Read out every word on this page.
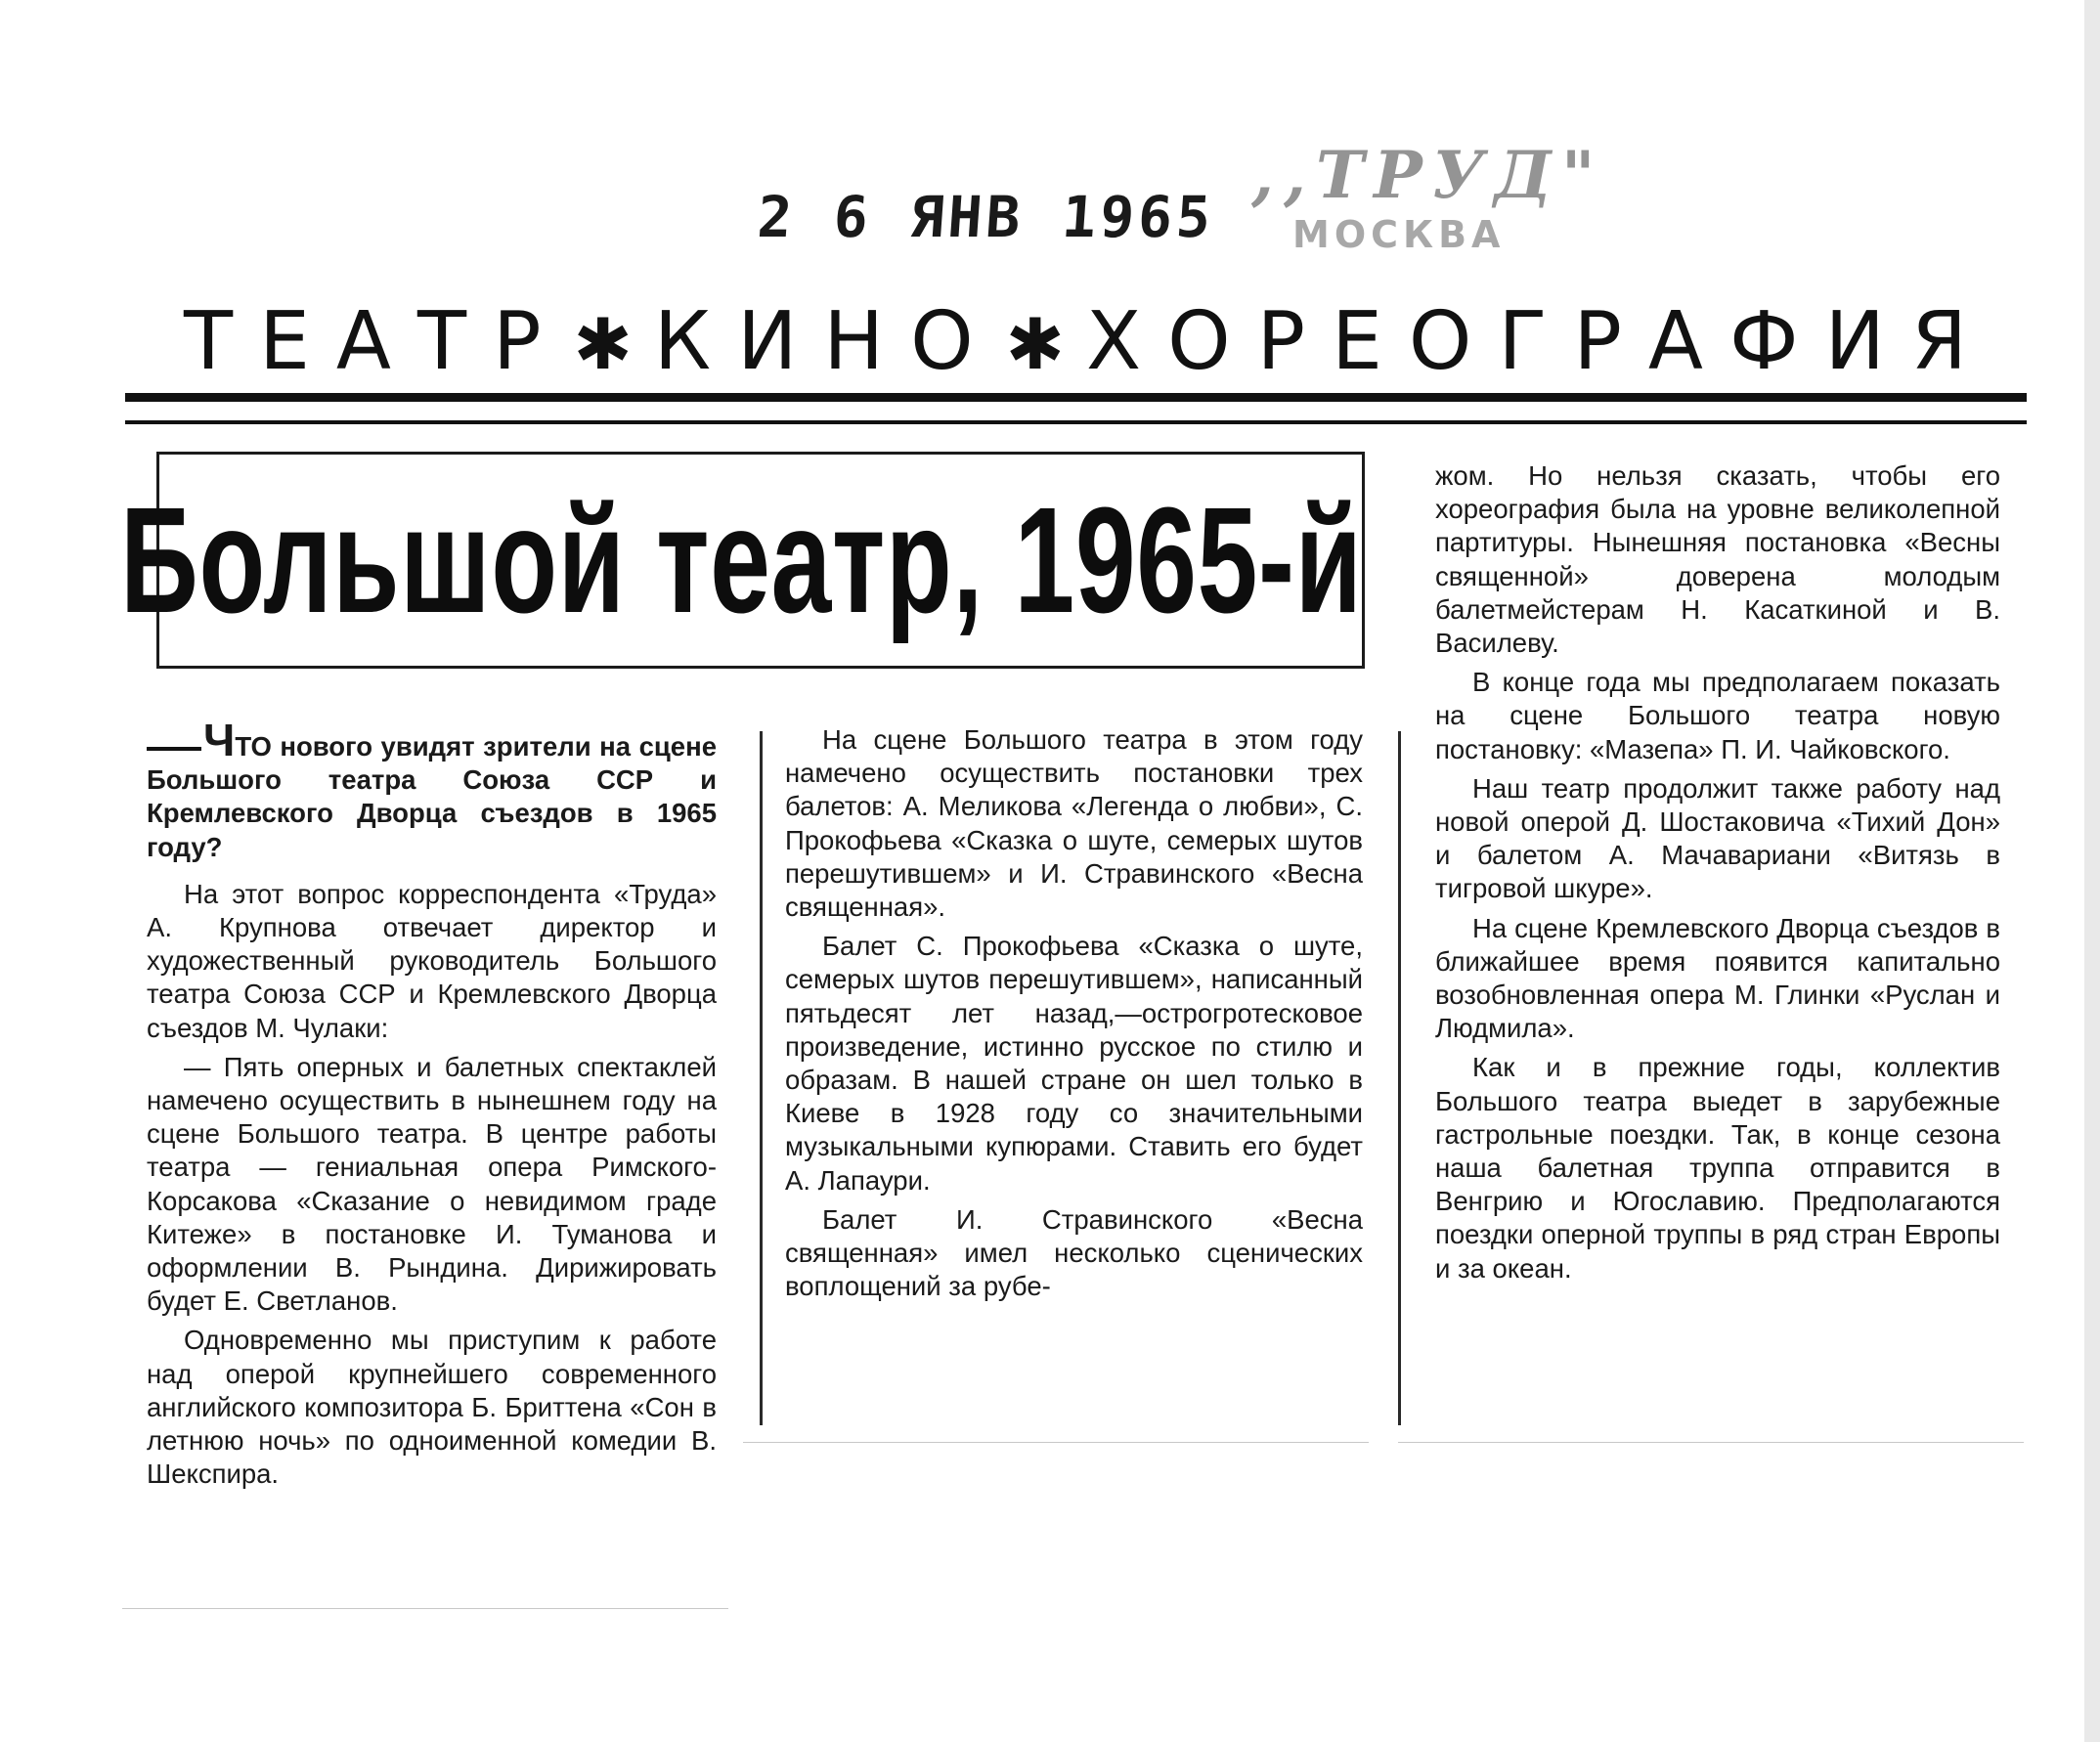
2 6 ЯНВ 1965
,,ТРУД"
МОСКВА
ТЕАТР✱ КИНО✱ ХОРЕОГРАФИЯ
Большой театр, 1965-й

ЧТО нового увидят зрители на сцене Большого театра Союза ССР и Кремлевского Дворца съездов в 1965 году?

На этот вопрос корреспондента «Труда» А. Крупнова отвечает директор и художественный руководитель Большого театра Союза ССР и Кремлевского Дворца съездов М. Чулаки:

— Пять оперных и балетных спектаклей намечено осуществить в нынешнем году на сцене Большого театра. В центре работы театра — гениальная опера Римского-Корсакова «Сказание о невидимом граде Китеже» в постановке И. Туманова и оформлении В. Рындина. Дирижировать будет Е. Светланов.

Одновременно мы приступим к работе над оперой крупнейшего современного английского композитора Б. Бриттена «Сон в летнюю ночь» по одноименной комедии В. Шекспира.

На сцене Большого театра в этом году намечено осуществить постановки трех балетов: А. Меликова «Легенда о любви», С. Прокофьева «Сказка о шуте, семерых шутов перешутившем» и И. Стравинского «Весна священная».

Балет С. Прокофьева «Сказка о шуте, семерых шутов перешутившем», написанный пятьдесят лет назад,—острогротесковое произведение, истинно русское по стилю и образам. В нашей стране он шел только в Киеве в 1928 году со значительными музыкальными купюрами. Ставить его будет А. Лапаури.

Балет И. Стравинского «Весна священная» имел несколько сценических воплощений за рубе-

жом. Но нельзя сказать, чтобы его хореография была на уровне великолепной партитуры. Нынешняя постановка «Весны священной» доверена молодым балетмейстерам Н. Касаткиной и В. Василеву.

В конце года мы предполагаем показать на сцене Большого театра новую постановку: «Мазепа» П. И. Чайковского.

Наш театр продолжит также работу над новой оперой Д. Шостаковича «Тихий Дон» и балетом А. Мачавариани «Витязь в тигровой шкуре».

На сцене Кремлевского Дворца съездов в ближайшее время появится капитально возобновленная опера М. Глинки «Руслан и Людмила».

Как и в прежние годы, коллектив Большого театра выедет в зарубежные гастрольные поездки. Так, в конце сезона наша балетная труппа отправится в Венгрию и Югославию. Предполагаются поездки оперной труппы в ряд стран Европы и за океан.
